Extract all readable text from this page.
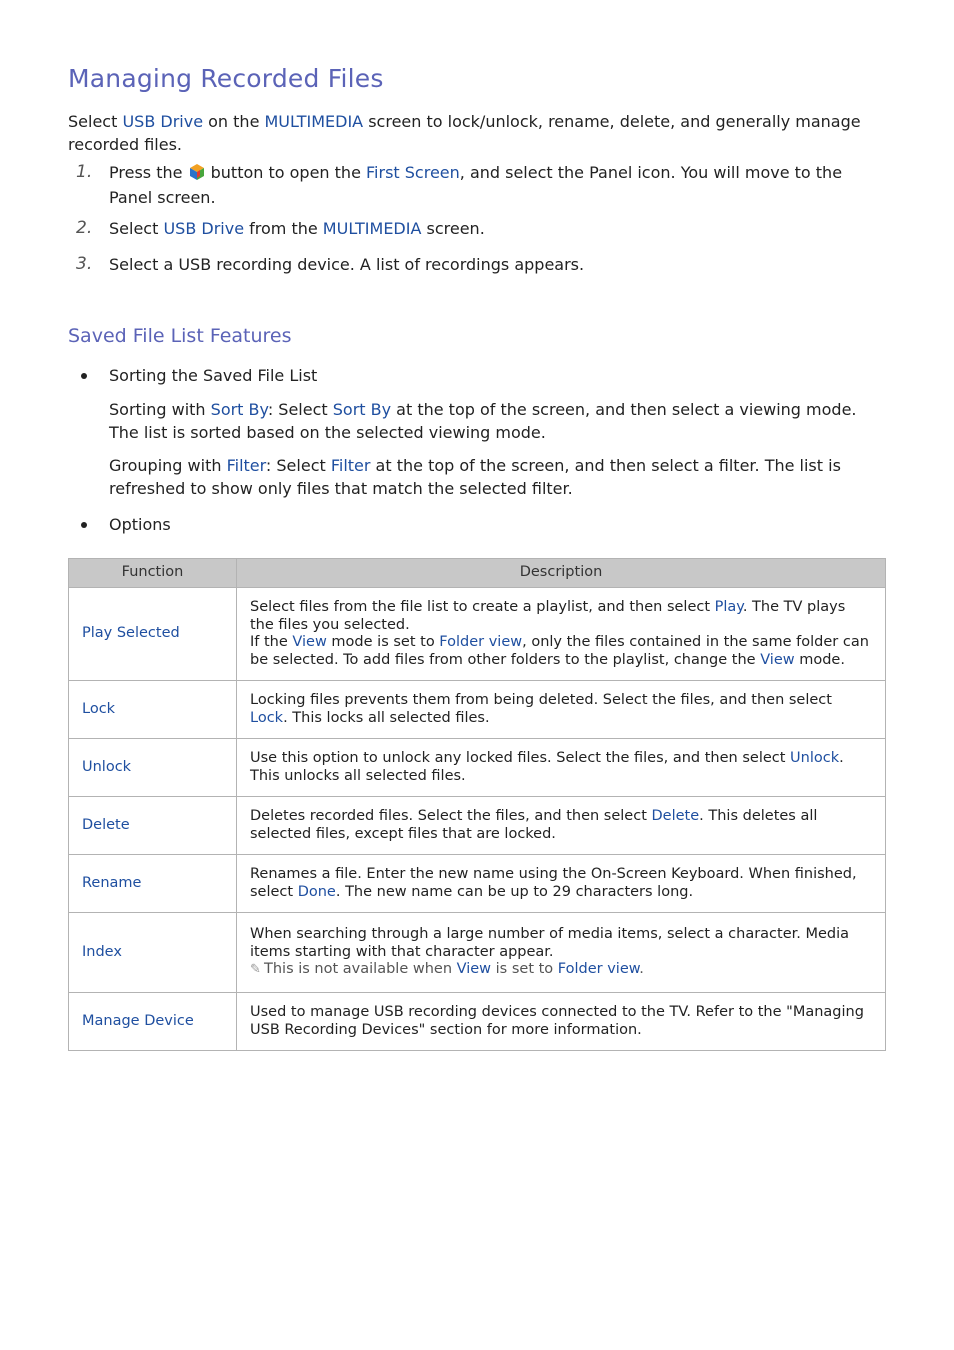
Managing Recorded Files

Select USB Drive on the MULTIMEDIA screen to lock/unlock, rename, delete, and generally manage recorded files.

1. Press the  button to open the First Screen, and select the Panel icon. You will move to the Panel screen.
2. Select USB Drive from the MULTIMEDIA screen.
3. Select a USB recording device. A list of recordings appears.
Saved File List Features
Sorting the Saved File List

Sorting with Sort By: Select Sort By at the top of the screen, and then select a viewing mode. The list is sorted based on the selected viewing mode.

Grouping with Filter: Select Filter at the top of the screen, and then select a filter. The list is refreshed to show only files that match the selected filter.

Options
Function	Description
Play Selected	Select files from the file list to create a playlist, and then select Play. The TV plays the files you selected.
If the View mode is set to Folder view, only the files contained in the same folder can be selected. To add files from other folders to the playlist, change the View mode.
Lock	Locking files prevents them from being deleted. Select the files, and then select Lock. This locks all selected files.
Unlock	Use this option to unlock any locked files. Select the files, and then select Unlock. This unlocks all selected files.
Delete	Deletes recorded files. Select the files, and then select Delete. This deletes all selected files, except files that are locked.
Rename	Renames a file. Enter the new name using the On-Screen Keyboard. When finished, select Done. The new name can be up to 29 characters long.
Index	When searching through a large number of media items, select a character. Media items starting with that character appear.
✎ This is not available when View is set to Folder view.
Manage Device	Used to manage USB recording devices connected to the TV. Refer to the "Managing USB Recording Devices" section for more information.
